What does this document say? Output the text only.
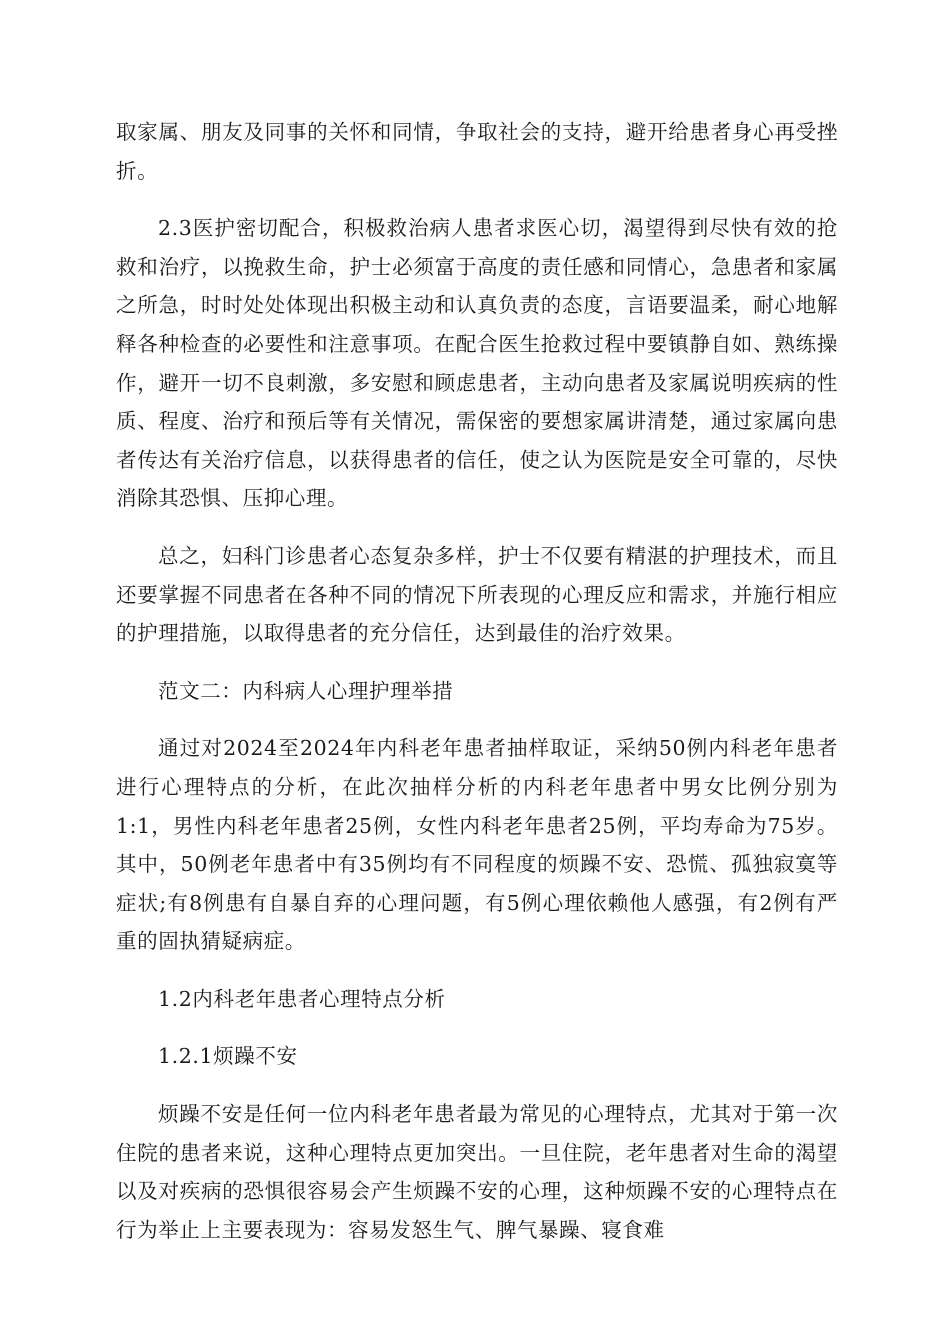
取家属、朋友及同事的关怀和同情，争取社会的支持，避开给患者身心再受挫折。

2.3医护密切配合，积极救治病人患者求医心切，渴望得到尽快有效的抢救和治疗，以挽救生命，护士必须富于高度的责任感和同情心，急患者和家属之所急，时时处处体现出积极主动和认真负责的态度，言语要温柔，耐心地解释各种检查的必要性和注意事项。在配合医生抢救过程中要镇静自如、熟练操作，避开一切不良刺激，多安慰和顾虑患者，主动向患者及家属说明疾病的性质、程度、治疗和预后等有关情况，需保密的要想家属讲清楚，通过家属向患者传达有关治疗信息，以获得患者的信任，使之认为医院是安全可靠的，尽快消除其恐惧、压抑心理。

总之，妇科门诊患者心态复杂多样，护士不仅要有精湛的护理技术，而且还要掌握不同患者在各种不同的情况下所表现的心理反应和需求，并施行相应的护理措施，以取得患者的充分信任，达到最佳的治疗效果。

范文二：内科病人心理护理举措

通过对2024至2024年内科老年患者抽样取证，采纳50例内科老年患者进行心理特点的分析，在此次抽样分析的内科老年患者中男女比例分别为1:1，男性内科老年患者25例，女性内科老年患者25例，平均寿命为75岁。其中，50例老年患者中有35例均有不同程度的烦躁不安、恐慌、孤独寂寞等症状;有8例患有自暴自弃的心理问题，有5例心理依赖他人感强，有2例有严重的固执猜疑病症。

1.2内科老年患者心理特点分析

1.2.1烦躁不安

烦躁不安是任何一位内科老年患者最为常见的心理特点，尤其对于第一次住院的患者来说，这种心理特点更加突出。一旦住院，老年患者对生命的渴望以及对疾病的恐惧很容易会产生烦躁不安的心理，这种烦躁不安的心理特点在行为举止上主要表现为：容易发怒生气、脾气暴躁、寝食难
